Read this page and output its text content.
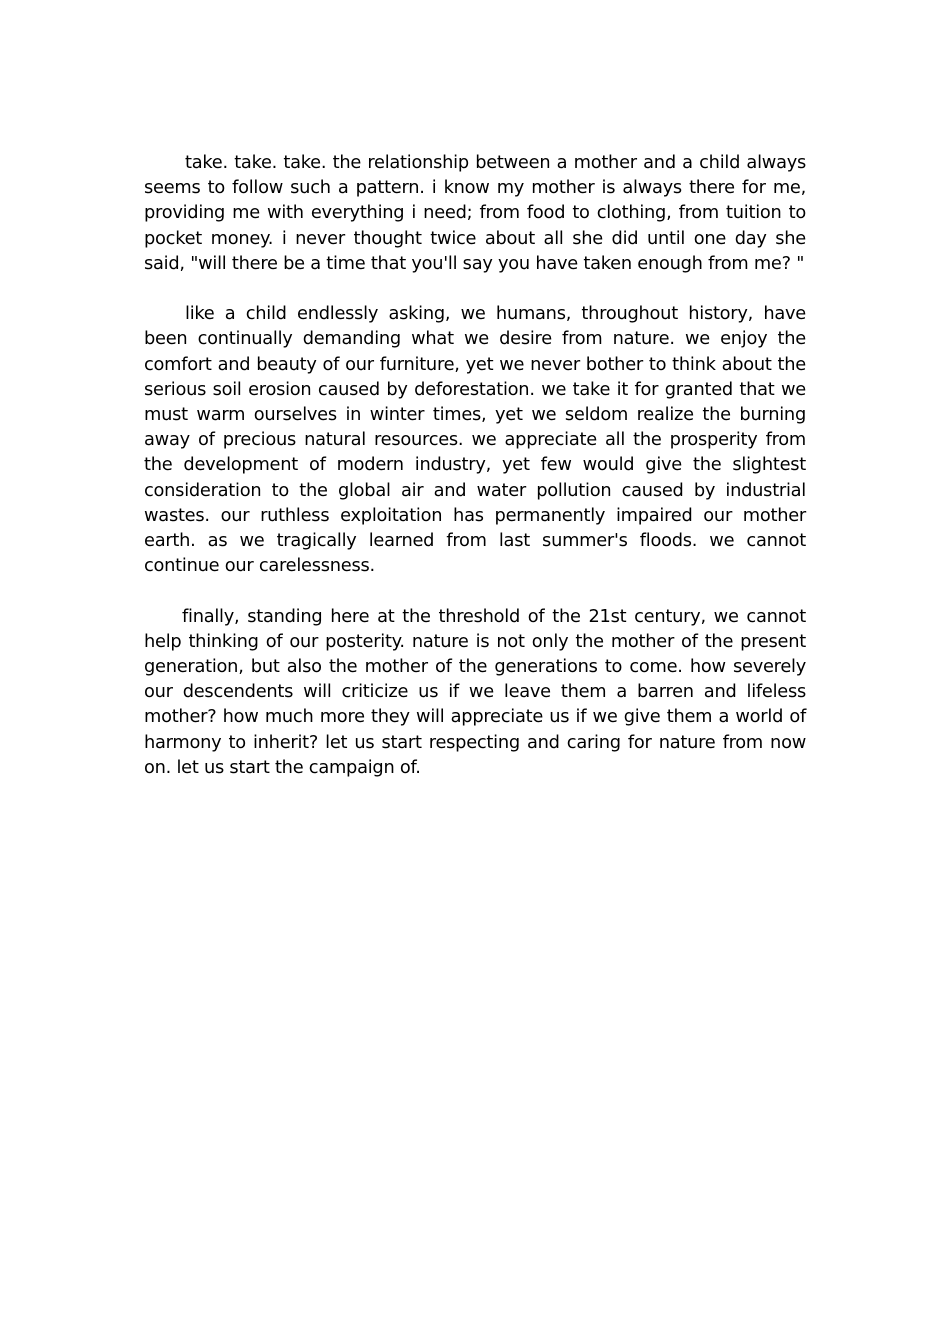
take. take. take. the relationship between a mother and a child always seems to follow such a pattern. i know my mother is always there for me, providing me with everything i need; from food to clothing, from tuition to pocket money. i never thought twice about all she did until one day she said, "will there be a time that you'll say you have taken enough from me? "

like a child endlessly asking, we humans, throughout history, have been continually demanding what we desire from nature. we enjoy the comfort and beauty of our furniture, yet we never bother to think about the serious soil erosion caused by deforestation. we take it for granted that we must warm ourselves in winter times, yet we seldom realize the burning away of precious natural resources. we appreciate all the prosperity from the development of modern industry, yet few would give the slightest consideration to the global air and water pollution caused by industrial wastes. our ruthless exploitation has permanently impaired our mother earth. as we tragically learned from last summer's floods. we cannot continue our carelessness.

finally, standing here at the threshold of the 21st century, we cannot help thinking of our posterity. nature is not only the mother of the present generation, but also the mother of the generations to come. how severely our descendents will criticize us if we leave them a barren and lifeless mother? how much more they will appreciate us if we give them a world of harmony to inherit? let us start respecting and caring for nature from now on. let us start the campaign of.
